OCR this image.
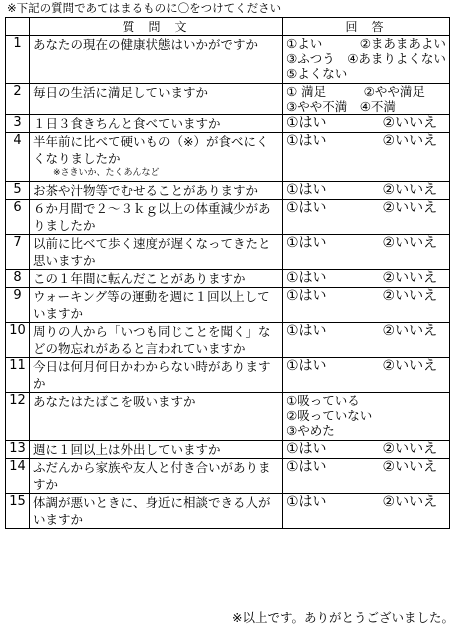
※下記の質問であてはまるものに〇をつけてください
	質問文	回答
1	あなたの現在の健康状態はいかがですか	①よい　　　②まあまあよい
③ふつう　④あまりよくない
⑤よくない

2	毎日の生活に満足していますか	① 満足　　　②やや満足
③やや不満　④不満

3	１日３食きちんと食べていますか	①はい　　　　②いいえ

4	半年前に比べて硬いもの（※）が食べにくくなりましたか
※さきいか、たくあんなど	①はい　　　　②いいえ

5	お茶や汁物等でむせることがありますか	①はい　　　　②いいえ

6	６か月間で２～３ｋｇ以上の体重減少がありましたか	①はい　　　　②いいえ

7	以前に比べて歩く速度が遅くなってきたと思いますか	①はい　　　　②いいえ

8	この１年間に転んだことがありますか	①はい　　　　②いいえ

9	ウォーキング等の運動を週に１回以上していますか	①はい　　　　②いいえ

10	周りの人から「いつも同じことを聞く」などの物忘れがあると言われていますか	①はい　　　　②いいえ

11	今日は何月何日かわからない時がありますか	①はい　　　　②いいえ

12	あなたはたばこを吸いますか	①吸っている
②吸っていない
③やめた

13	週に１回以上は外出していますか	①はい　　　　②いいえ

14	ふだんから家族や友人と付き合いがありますか	①はい　　　　②いいえ

15	体調が悪いときに、身近に相談できる人がいますか	①はい　　　　②いいえ
※以上です。ありがとうございました。
